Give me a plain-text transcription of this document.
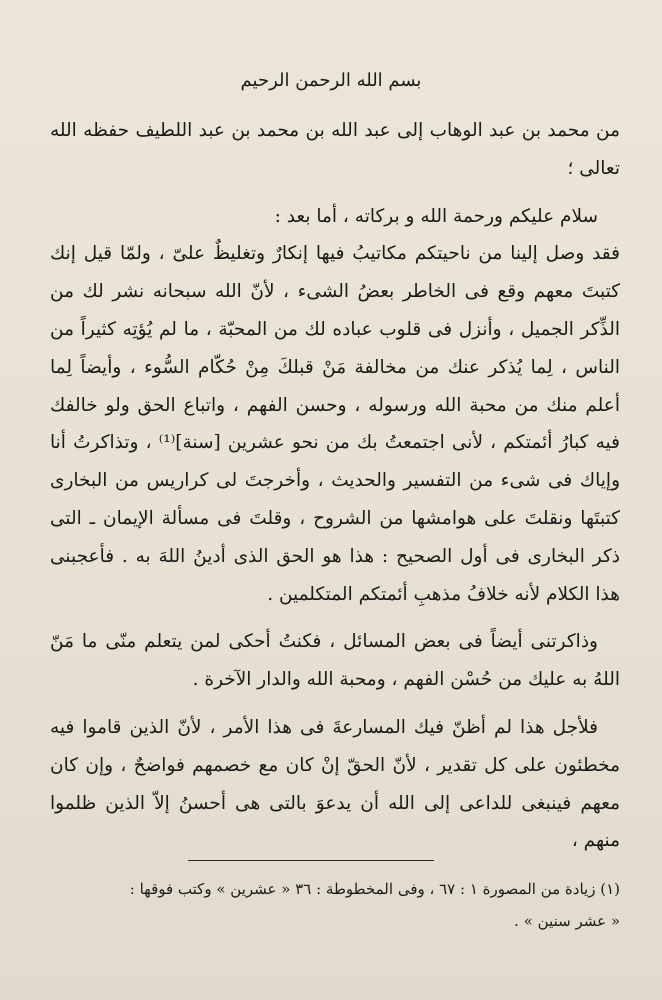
بسم الله الرحمن الرحيم

من محمد بن عبد الوهاب إلى عبد الله بن محمد بن عبد اللطيف حفظه الله تعالى ؛

سلام عليكم ورحمة الله و بركاته ، أما بعد :

فقد وصل إلينا من ناحيتكم مكاتيبُ فيها إنكارٌ وتغليظٌ علىّ ، ولمّا قيل إنك كتبتَ معهم وقع فى الخاطر بعضُ الشىء ، لأنّ الله سبحانه نشر لك من الذِّكر الجميل ، وأنزل فى قلوب عباده لك من المحبّة ، ما لم يُؤتِه كثيراً من الناس ، لِما يُذكر عنك من مخالفة مَنْ قبلكَ مِنْ حُكّام السُّوء ، وأيضاً لِما أعلم منك من محبة الله ورسوله ، وحسن الفهم ، واتباع الحق ولو خالفك فيه كبارُ أئمتكم ، لأنى اجتمعتُ بك من نحو عشرين [سنة]⁽¹⁾ ، وتذاكرتُ أنا وإياك فى شىء من التفسير والحديث ، وأخرجتَ لى كراريس من البخارى كتبتَها ونقلتَ على هوامشها من الشروح ، وقلتَ فى مسألة الإيمان ـ التى ذكر البخارى فى أول الصحيح : هذا هو الحق الذى أدينُ اللهَ به . فأعجبنى هذا الكلام لأنه خلافُ مذهبِ أئمتكم المتكلمين .

وذاكرتنى أيضاً فى بعض المسائل ، فكنتُ أحكى لمن يتعلم منّى ما مَنّ اللهُ به عليك من حُسْن الفهم ، ومحبة الله والدار الآخرة .

فلأجل هذا لم أظنّ فيك المسارعةَ فى هذا الأمر ، لأنّ الذين قاموا فيه مخطئون على كل تقدير ، لأنّ الحقّ إنْ كان مع خصمهم فواضحٌ ، وإن كان معهم فينبغى للداعى إلى الله أن يدعوَ بالتى هى أحسنُ إلاّ الذين ظلموا منهم ،

(١) زيادة من المصورة ١ : ٦٧ ، وفى المخطوطة : ٣٦ « عشرين » وكتب فوقها :
« عشر سنين » .
